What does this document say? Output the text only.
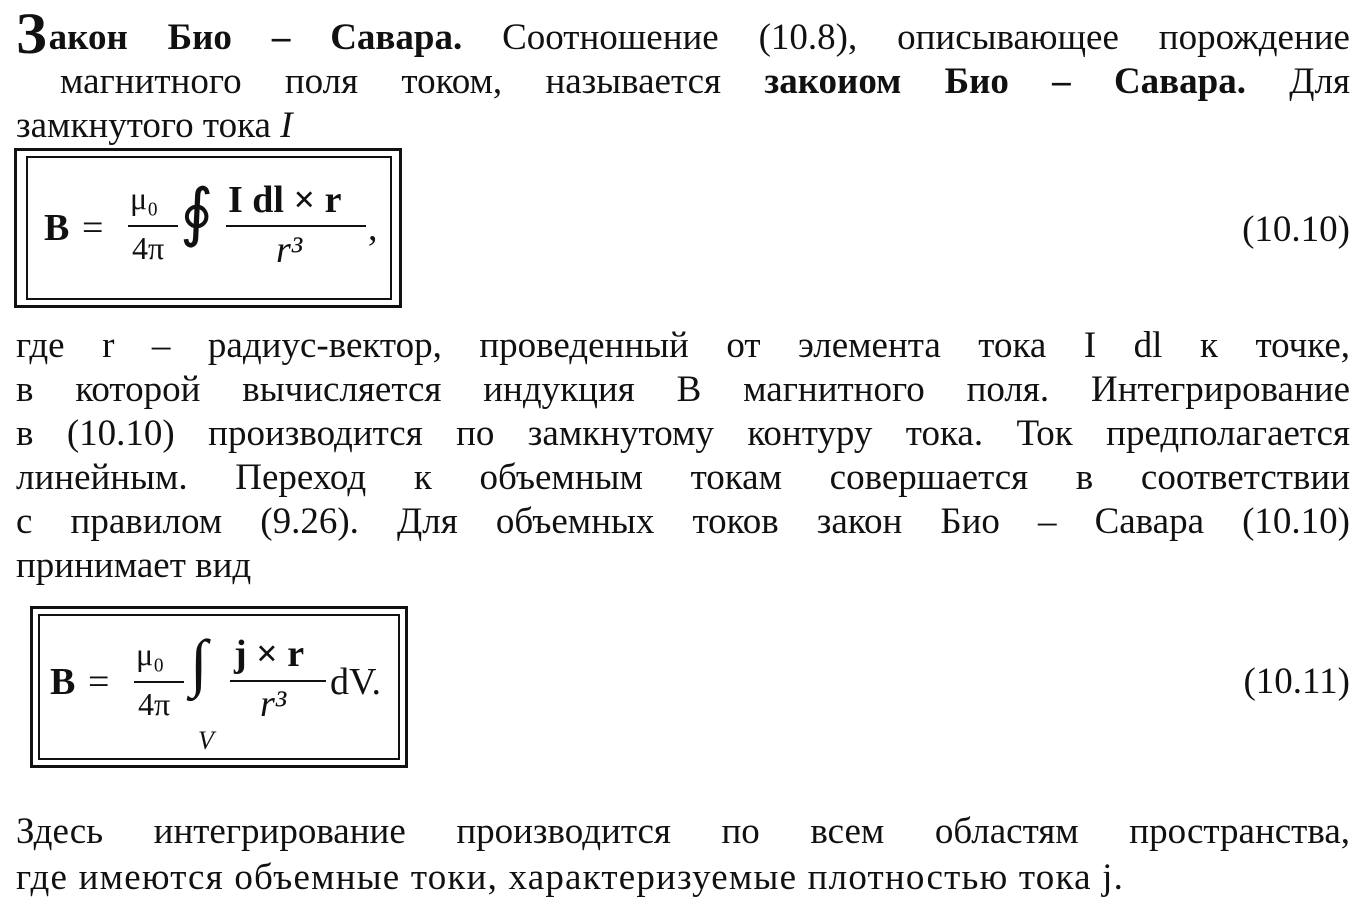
Закон Био – Савара. Соотношение (10.8), описывающее порождение
магнитного поля током, называется закоиом Био – Савара. Для
замкнутого тока I
B =
μ₀
4π ∮ I dl × r
r³
,	(10.10)
где r – радиус-вектор, проведенный от элемента тока I dl к точке,
в которой вычисляется индукция B магнитного поля. Интегрирование
в (10.10) производится по замкнутому контуру тока. Ток предполагается
линейным. Переход к объемным токам совершается в соответствии
с правилом (9.26). Для объемных токов закон Био – Савара (10.10)
принимает вид
B =
μ₀
4π
∫
V
j × r
r³
dV.	(10.11)
Здесь интегрирование производится по всем областям пространства,
где имеются объемные токи, характеризуемые плотностью тока j.
